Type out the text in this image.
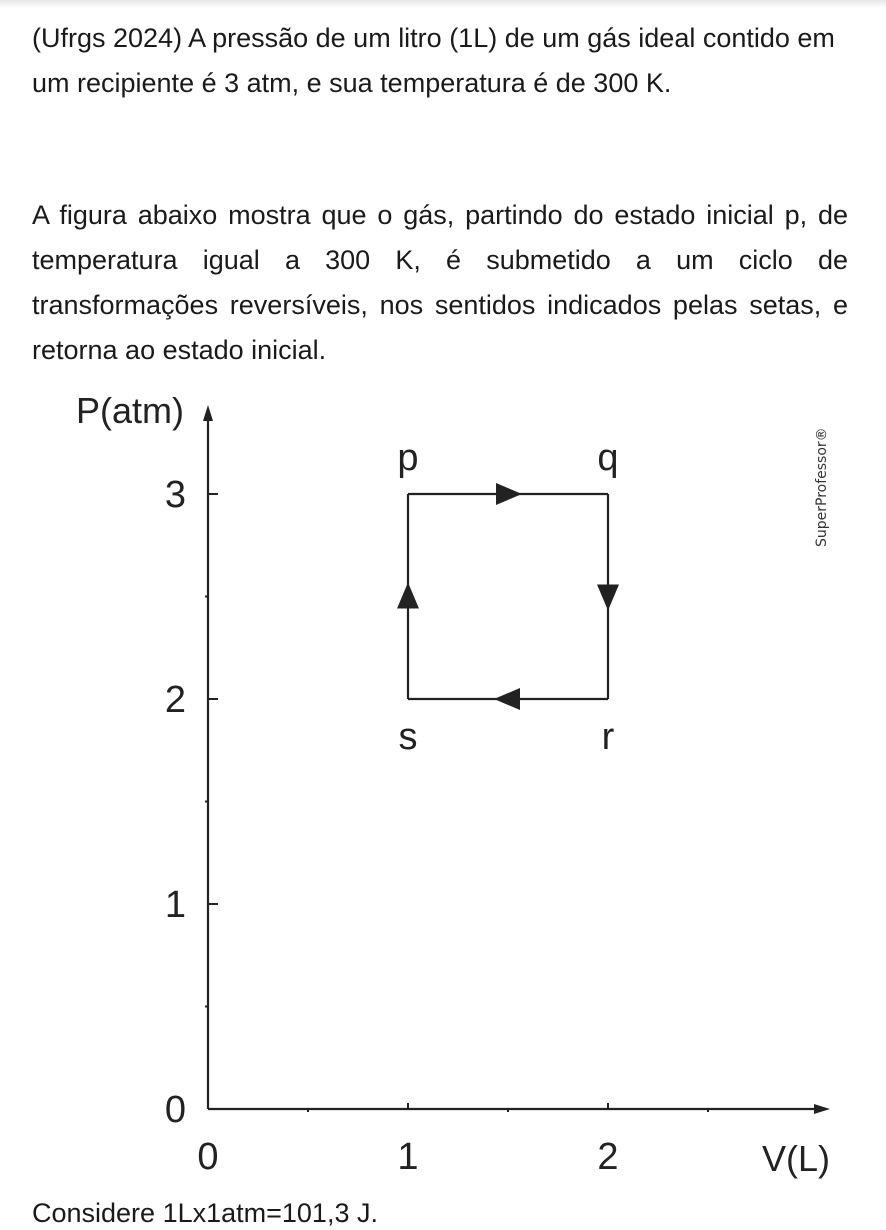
(Ufrgs 2024) A pressão de um litro (1L) de um gás ideal contido em um recipiente é 3 atm, e sua temperatura é de 300 K.

A figura abaixo mostra que o gás, partindo do estado inicial p, de temperatura igual a 300 K, é submetido a um ciclo de transformações reversíveis, nos sentidos indicados pelas setas, e retorna ao estado inicial.

P(atm)
V(L)
0
1
2
3
0	1	2
p	q
r
s
SuperProfessor®
Considere 1Lx1atm=101,3 J.
